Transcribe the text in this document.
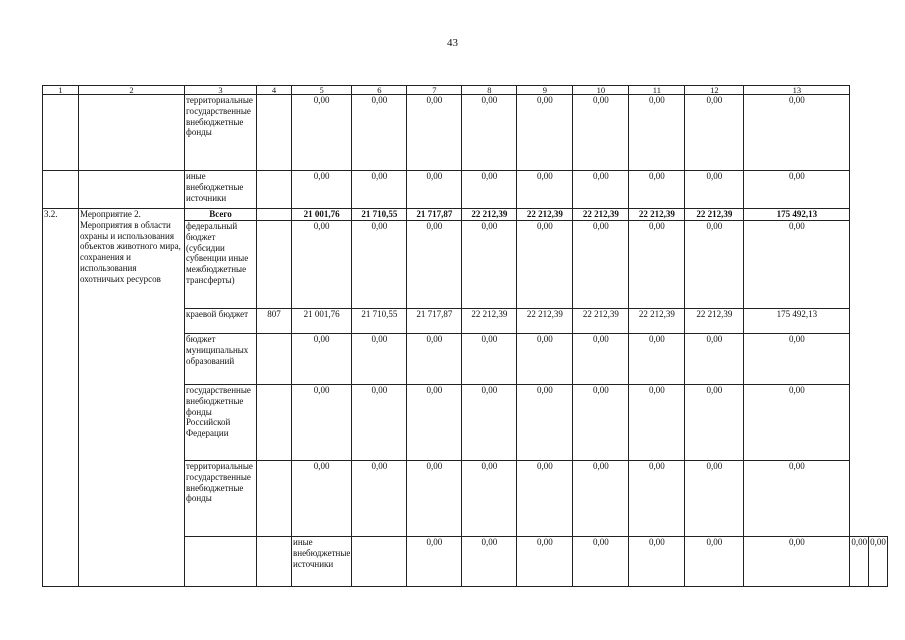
43
1	2	3	4	5	6	7	8	9	10	11	12	13		
		территориальные государственные внебюджетные фонды		0,00	0,00	0,00	0,00	0,00	0,00	0,00	0,00	0,00		
		иные внебюджетные источники		0,00	0,00	0,00	0,00	0,00	0,00	0,00	0,00	0,00		
3.2.	Мероприятие 2. Мероприятия в области охраны и использования объектов животного мира, сохранения и использования охотничьих ресурсов	Всего		21 001,76	21 710,55	21 717,87	22 212,39	22 212,39	22 212,39	22 212,39	22 212,39	175 492,13		
		федеральный бюджет (субсидии субвенции иные межбюджетные трансферты)		0,00	0,00	0,00	0,00	0,00	0,00	0,00	0,00	0,00		
		краевой бюджет	807	21 001,76	21 710,55	21 717,87	22 212,39	22 212,39	22 212,39	22 212,39	22 212,39	175 492,13		
		бюджет муниципальных образований		0,00	0,00	0,00	0,00	0,00	0,00	0,00	0,00	0,00		
		государственные внебюджетные фонды Российской Федерации		0,00	0,00	0,00	0,00	0,00	0,00	0,00	0,00	0,00		
		территориальные государственные внебюджетные фонды		0,00	0,00	0,00	0,00	0,00	0,00	0,00	0,00	0,00		
				иные внебюджетные источники		0,00	0,00	0,00	0,00	0,00	0,00	0,00	0,00	0,00
